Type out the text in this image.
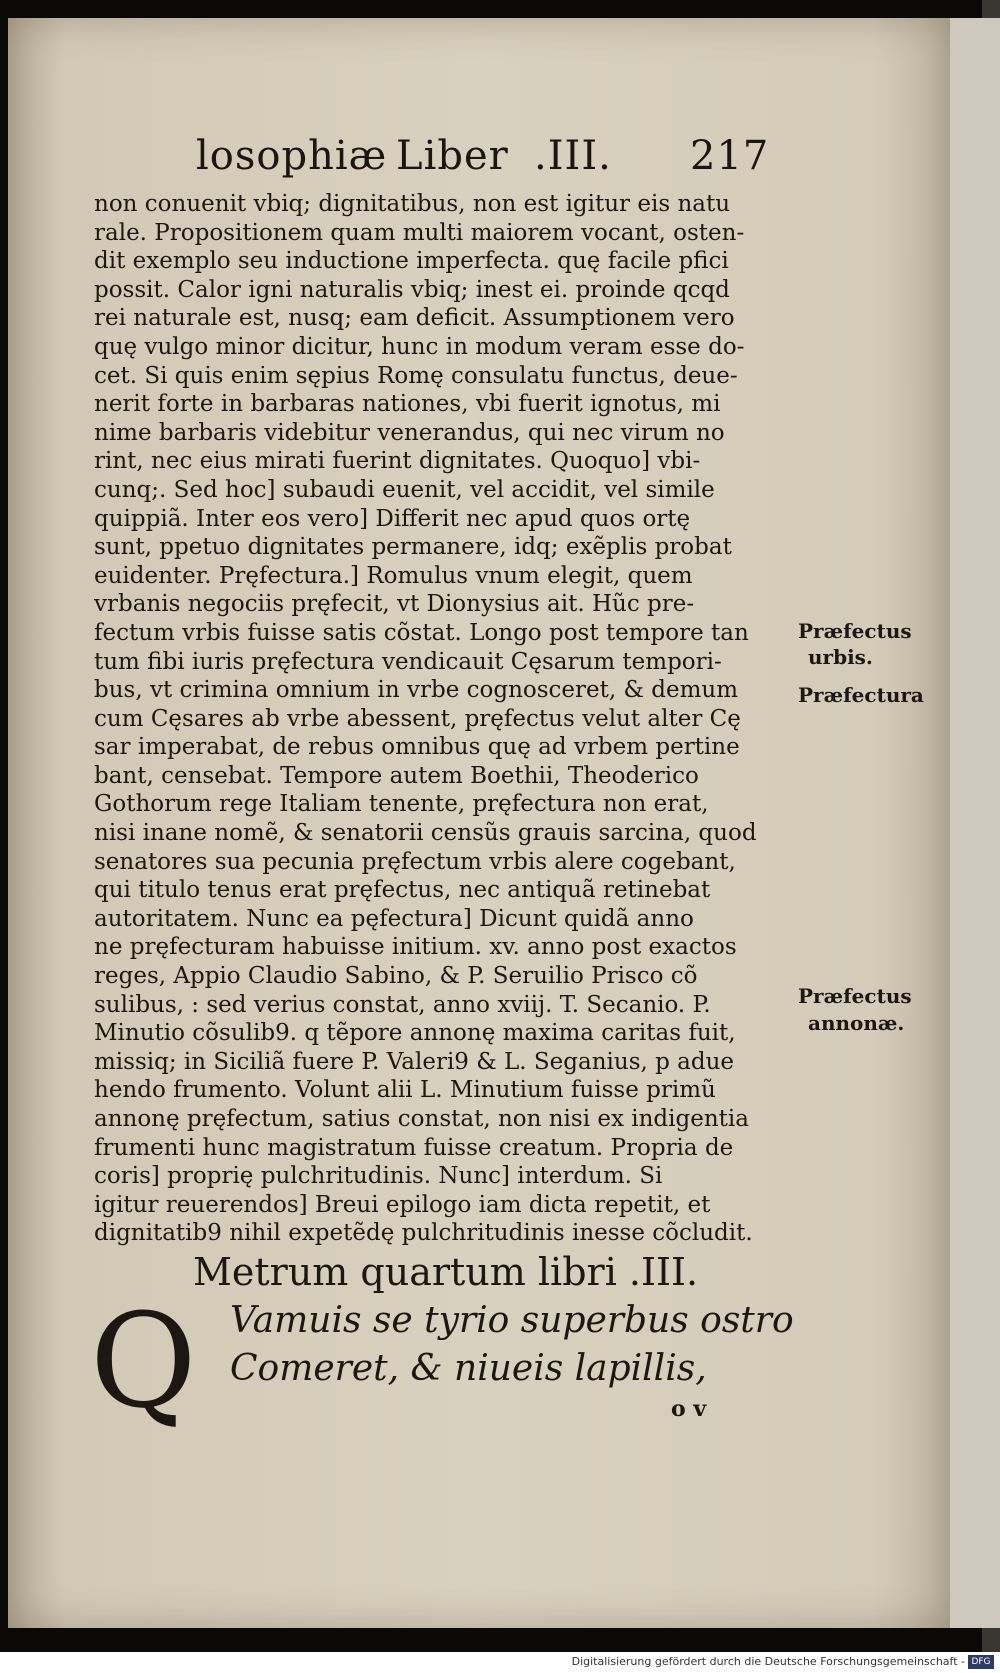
losophiæ Liber .III. 217
non conuenit vbiq; dignitatibus, non est igitur eis natu
rale. Propositionem quam multi maiorem vocant, osten-
dit exemplo seu inductione imperfecta. quę facile pfici
possit. Calor igni naturalis vbiq; inest ei. proinde qcqd
rei naturale est, nusq; eam deficit. Assumptionem vero
quę vulgo minor dicitur, hunc in modum veram esse do-
cet. Si quis enim sępius Romę consulatu functus, deue-
nerit forte in barbaras nationes, vbi fuerit ignotus, mi
nime barbaris videbitur venerandus, qui nec virum no
rint, nec eius mirati fuerint dignitates. Quoquo] vbi-
cunq;. Sed hoc] subaudi euenit, vel accidit, vel simile
quippiã. Inter eos vero] Differit nec apud quos ortę
sunt, ppetuo dignitates permanere, idq; exẽplis probat
euidenter. Pręfectura.] Romulus vnum elegit, quem
vrbanis negociis pręfecit, vt Dionysius ait. Hũc pre-
fectum vrbis fuisse satis cõstat. Longo post tempore tan
tum fibi iuris pręfectura vendicauit Cęsarum tempori-
bus, vt crimina omnium in vrbe cognosceret, & demum
cum Cęsares ab vrbe abessent, pręfectus velut alter Cę
sar imperabat, de rebus omnibus quę ad vrbem pertine
bant, censebat. Tempore autem Boethii, Theoderico
Gothorum rege Italiam tenente, pręfectura non erat,
nisi inane nomẽ, & senatorii censũs grauis sarcina, quod
senatores sua pecunia pręfectum vrbis alere cogebant,
qui titulo tenus erat pręfectus, nec antiquã retinebat
autoritatem. Nunc ea pęfectura] Dicunt quidã anno
ne pręfecturam habuisse initium. xv. anno post exactos
reges, Appio Claudio Sabino, & P. Seruilio Prisco cõ
sulibus, : sed verius constat, anno xviij. T. Secanio. P.
Minutio cõsulib9. q tẽpore annonę maxima caritas fuit,
missiq; in Siciliã fuere P. Valeri9 & L. Seganius, p adue
hendo frumento. Volunt alii L. Minutium fuisse primũ
annonę pręfectum, satius constat, non nisi ex indigentia
frumenti hunc magistratum fuisse creatum. Propria de
coris] proprię pulchritudinis. Nunc] interdum. Si
igitur reuerendos] Breui epilogo iam dicta repetit, et
dignitatib9 nihil expetẽdę pulchritudinis inesse cõcludit.
Præfectus
urbis.
Præfectura
Præfectus
annonæ.
Metrum quartum libri .III.
Q Vamuis se tyrio superbus ostro
Comeret, & niueis lapillis,
o v
Digitalisierung gefördert durch die Deutsche Forschungsgemeinschaft - DFG
